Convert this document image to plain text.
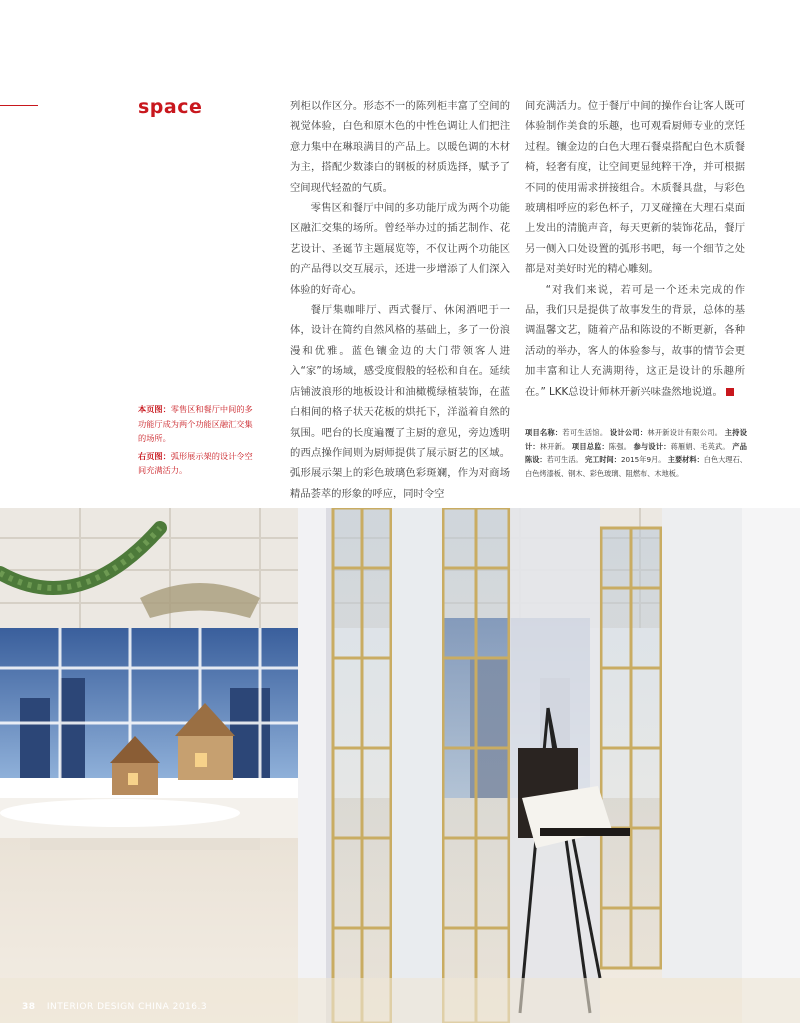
space	列柜以作区分。形态不一的陈列柜丰富了空间的视觉体验，白色和原木色的中性色调让人们把注意力集中在琳琅满目的产品上。以暖色调的木材为主，搭配少数漆白的钢板的材质选择，赋予了空间现代轻盈的气质。

零售区和餐厅中间的多功能厅成为两个功能区融汇交集的场所。曾经举办过的插艺制作、花艺设计、圣诞节主题展览等，不仅让两个功能区的产品得以交互展示，还进一步增添了人们深入体验的好奇心。

餐厅集咖啡厅、西式餐厅、休闲酒吧于一体，设计在简约自然风格的基础上，多了一份浪漫和优雅。蓝色镶金边的大门带领客人进入“家”的场域，感受度假般的轻松和自在。延续店铺波浪形的地板设计和油橄榄绿植装饰，在蓝白相间的格子状天花板的烘托下，洋溢着自然的氛围。吧台的长度遍覆了主厨的意见，旁边透明的西点操作间则为厨师提供了展示厨艺的区域。弧形展示架上的彩色玻璃色彩斑斓，作为对商场精品荟萃的形象的呼应，同时令空

间充满活力。位于餐厅中间的操作台让客人既可体验制作美食的乐趣，也可观看厨师专业的烹饪过程。镶金边的白色大理石餐桌搭配白色木质餐椅，轻奢有度，让空间更显纯粹干净，并可根据不同的使用需求拼接组合。木质餐具盘，与彩色玻璃相呼应的彩色杯子，刀叉碰撞在大理石桌面上发出的清脆声音，每天更新的装饰花品，餐厅另一侧入口处设置的弧形书吧，每一个细节之处都是对美好时光的精心雕刻。

“对我们来说，若可是一个还未完成的作品，我们只是提供了故事发生的背景，总体的基调温馨文艺，随着产品和陈设的不断更新，各种活动的举办，客人的体验参与，故事的情节会更加丰富和让人充满期待，这正是设计的乐趣所在。” LKK总设计师林开新兴味盎然地说道。

本页图：零售区和餐厅中间的多功能厅成为两个功能区融汇交集的场所。

右页图：弧形展示架的设计令空间充满活力。

项目名称：若可生活馆。 设计公司：林开新设计有限公司。 主持设计：林开新。 项目总监：陈强。 参与设计：蒋雁娟、毛英武。 产品陈设：若可生活。 完工时间：2015年9月。 主要材料：白色大理石、白色烤漆板、钢木、彩色玻璃、阻燃布、木地板。
38 INTERIOR DESIGN CHINA 2016.3
